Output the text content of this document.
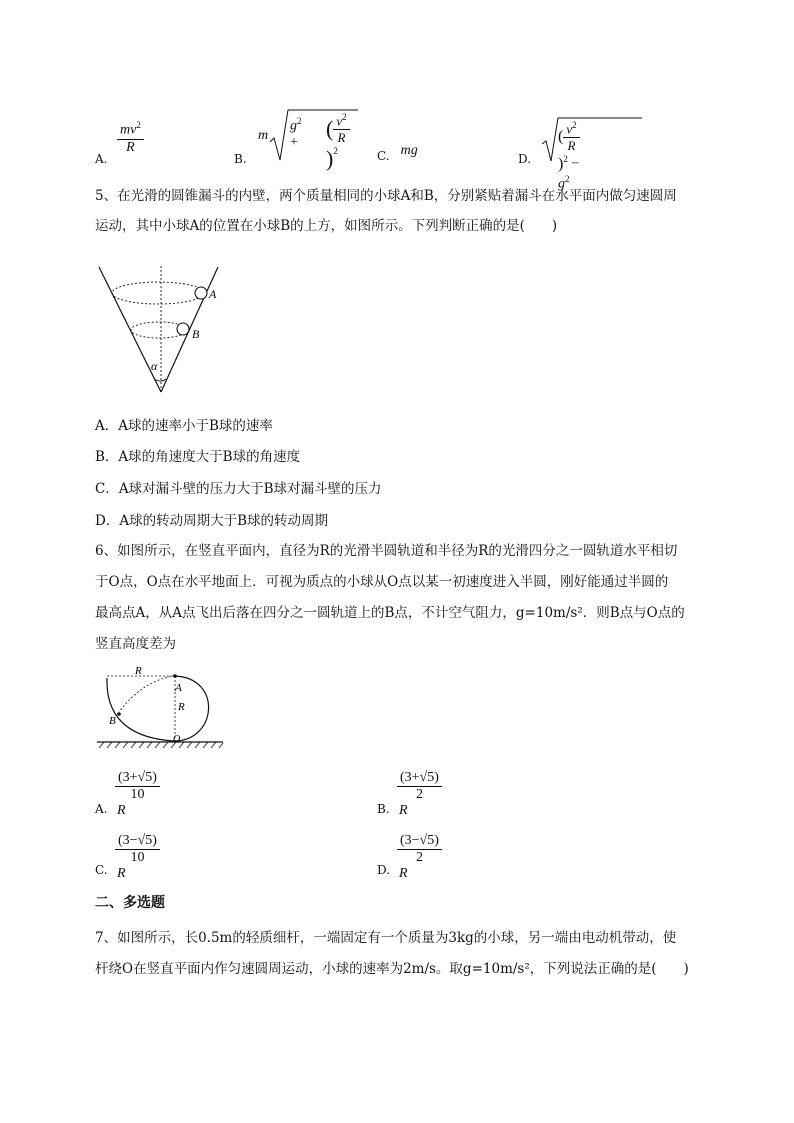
A.
$\frac{mv^2}{R}$
B.
m
$g^2$ +
( $\frac{v^2}{R}$
)$^2$	C. mg
D.
( $\frac{v^2}{R}$
)$^2 - g^2$
5、在光滑的圆锥漏斗的内壁，两个质量相同的小球A和B，分别紧贴着漏斗在水平面内做匀速圆周
运动，其中小球A的位置在小球B的上方，如图所示。下列判断正确的是(　　)
A
B
α
A．A球的速率小于B球的速率
B．A球的角速度大于B球的角速度
C．A球对漏斗壁的压力大于B球对漏斗壁的压力
D．A球的转动周期大于B球的转动周期
6、如图所示，在竖直平面内，直径为R的光滑半圆轨道和半径为R的光滑四分之一圆轨道水平相切
于O点，O点在水平地面上．可视为质点的小球从O点以某一初速度进入半圆，刚好能通过半圆的
最高点A，从A点飞出后落在四分之一圆轨道上的B点，不计空气阻力，g=10m/s²．则B点与O点的
竖直高度差为
R
A
R
B
O
A.
$\frac{(3+√5)}{10}$
R	B.
$\frac{(3+√5)}{2}$
R
C.
$\frac{(3-√5)}{10}$
R	D.
$\frac{(3-√5)}{2}$
R
二、多选题
7、如图所示，长0.5m的轻质细杆，一端固定有一个质量为3kg的小球，另一端由电动机带动，使
杆绕O在竖直平面内作匀速圆周运动，小球的速率为2m/s。取g=10m/s²，下列说法正确的是(　　)
